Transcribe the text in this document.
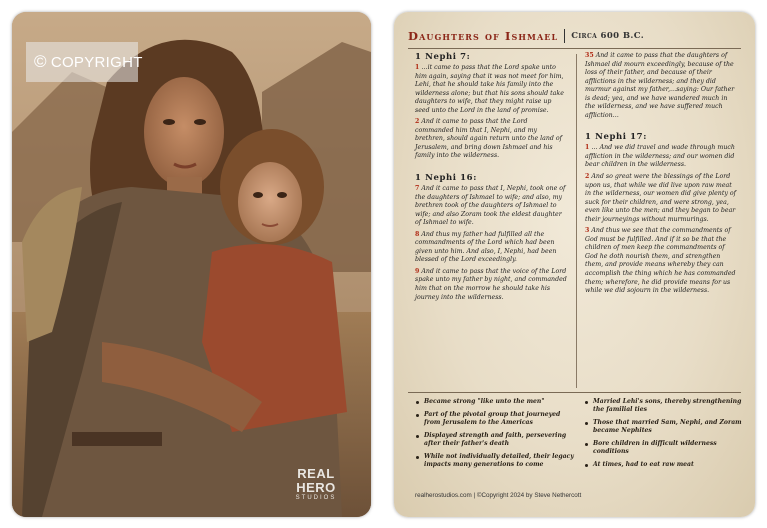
© COPYRIGHT
REAL HERO
STUDIOS
Daughters of Ishmael Circa 600 B.C.
1 Nephi 7:
1 …it came to pass that the Lord spake unto him again, saying that it was not meet for him, Lehi, that he should take his family into the wilderness alone; but that his sons should take daughters to wife, that they might raise up seed unto the Lord in the land of promise.
2 And it came to pass that the Lord commanded him that I, Nephi, and my brethren, should again return unto the land of Jerusalem, and bring down Ishmael and his family into the wilderness.
1 Nephi 16:
7 And it came to pass that I, Nephi, took one of the daughters of Ishmael to wife; and also, my brethren took of the daughters of Ishmael to wife; and also Zoram took the eldest daughter of Ishmael to wife.
8 And thus my father had fulfilled all the commandments of the Lord which had been given unto him. And also, I, Nephi, had been blessed of the Lord exceedingly.
9 And it came to pass that the voice of the Lord spake unto my father by night, and commanded him that on the morrow he should take his journey into the wilderness.
35 And it came to pass that the daughters of Ishmael did mourn exceedingly, because of the loss of their father, and because of their afflictions in the wilderness; and they did murmur against my father,…saying: Our father is dead; yea, and we have wandered much in the wilderness, and we have suffered much affliction…
1 Nephi 17:
1 … And we did travel and wade through much affliction in the wilderness; and our women did bear children in the wilderness.
2 And so great were the blessings of the Lord upon us, that while we did live upon raw meat in the wilderness, our women did give plenty of suck for their children, and were strong, yea, even like unto the men; and they began to bear their journeyings without murmurings.
3 And thus we see that the commandments of God must be fulfilled. And if it so be that the children of men keep the commandments of God he doth nourish them, and strengthen them, and provide means whereby they can accomplish the thing which he has commanded them; wherefore, he did provide means for us while we did sojourn in the wilderness.
Became strong "like unto the men"
Part of the pivotal group that journeyed from Jerusalem to the Americas
Displayed strength and faith, persevering after their father's death
While not individually detailed, their legacy impacts many generations to come
Married Lehi's sons, thereby strengthening the familial ties
Those that married Sam, Nephi, and Zoram became Nephites
Bore children in difficult wilderness conditions
At times, had to eat raw meat
realherostudios.com | ©Copyright 2024 by Steve Nethercott
